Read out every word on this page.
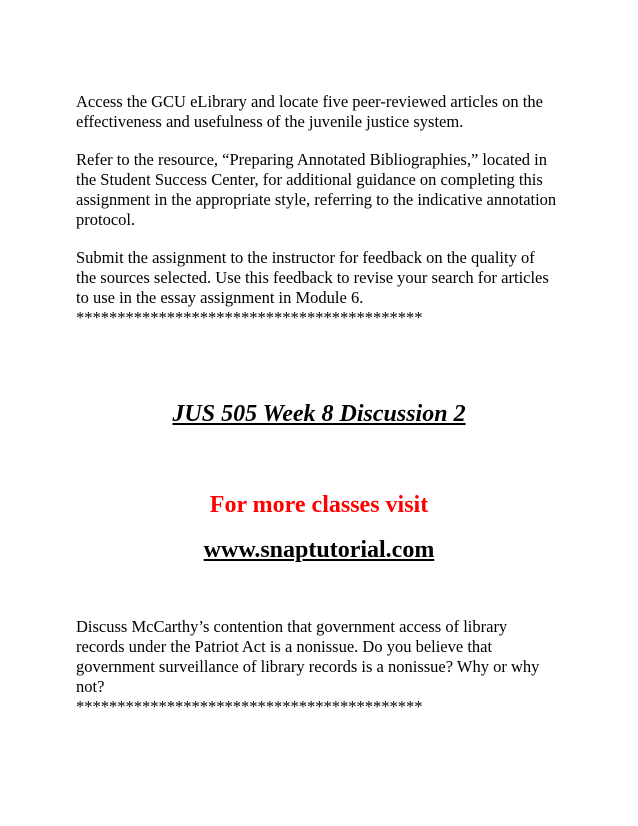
Access the GCU eLibrary and locate five peer-reviewed articles on the
effectiveness and usefulness of the juvenile justice system.

Refer to the resource, “Preparing Annotated Bibliographies,” located in
the Student Success Center, for additional guidance on completing this
assignment in the appropriate style, referring to the indicative annotation
protocol.

Submit the assignment to the instructor for feedback on the quality of
the sources selected. Use this feedback to revise your search for articles
to use in the essay assignment in Module 6.
******************************************

JUS 505 Week 8 Discussion 2
For more classes visit
www.snaptutorial.com

Discuss McCarthy’s contention that government access of library
records under the Patriot Act is a nonissue. Do you believe that
government surveillance of library records is a nonissue? Why or why
not?
******************************************
